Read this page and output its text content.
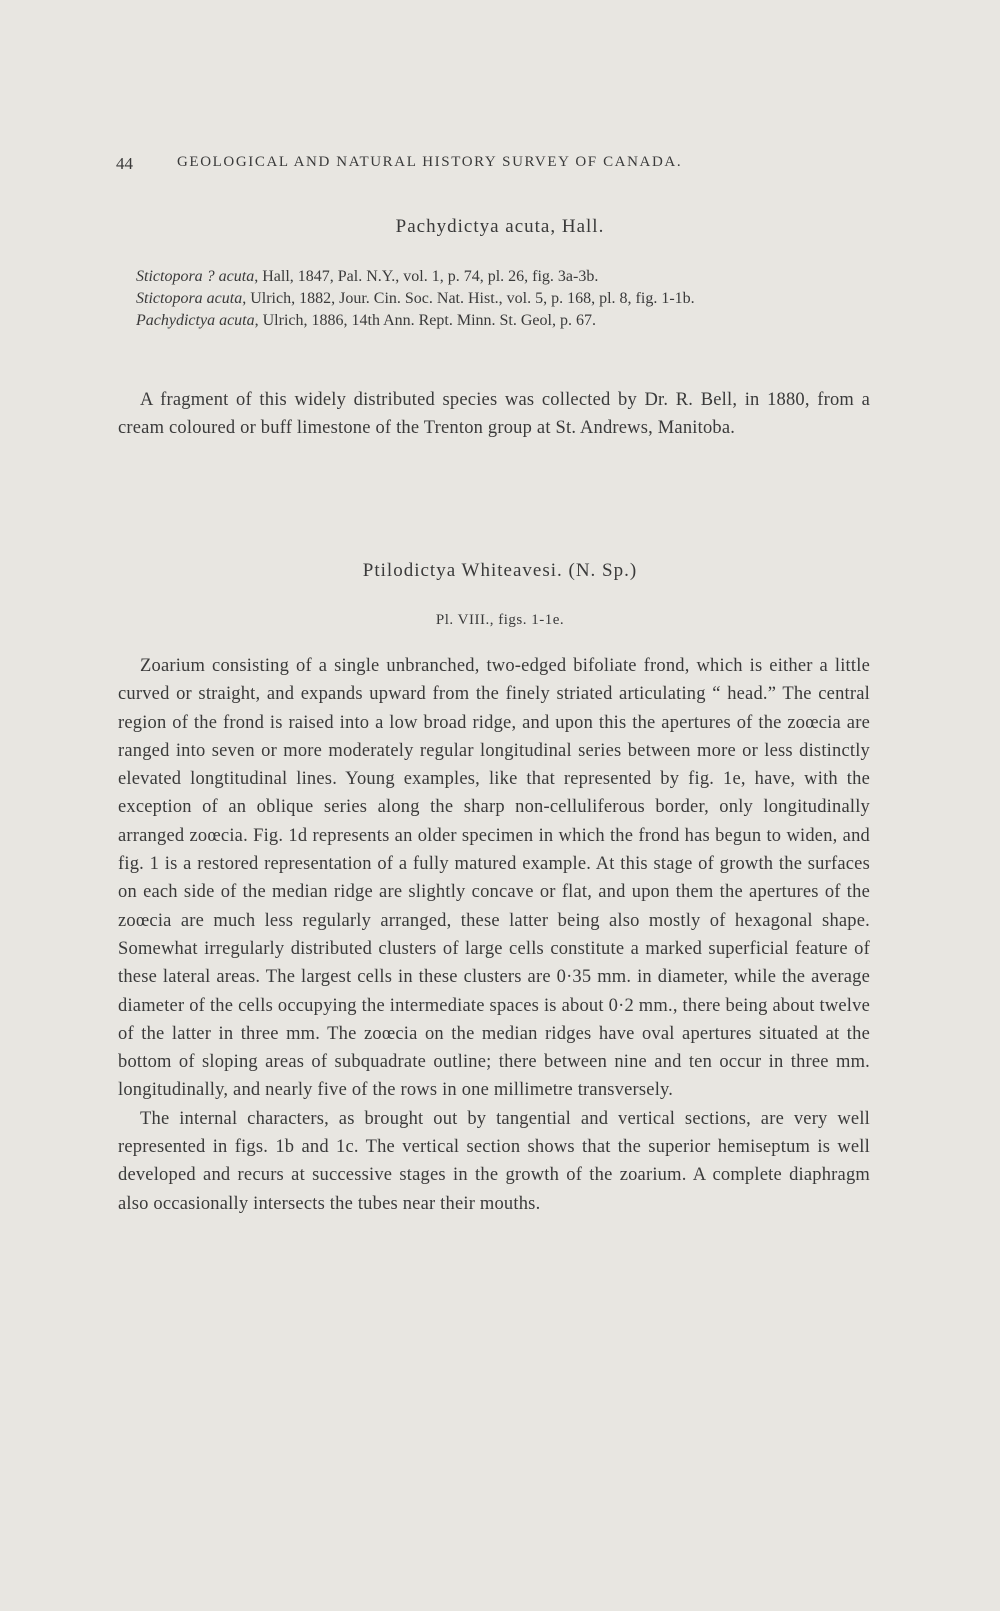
44	GEOLOGICAL AND NATURAL HISTORY SURVEY OF CANADA.
Pachydictya acuta, Hall.

Stictopora ? acuta, Hall, 1847, Pal. N.Y., vol. 1, p. 74, pl. 26, fig. 3a-3b.

Stictopora acuta, Ulrich, 1882, Jour. Cin. Soc. Nat. Hist., vol. 5, p. 168, pl. 8, fig. 1-1b.

Pachydictya acuta, Ulrich, 1886, 14th Ann. Rept. Minn. St. Geol, p. 67.

A fragment of this widely distributed species was collected by Dr. R. Bell, in 1880, from a cream coloured or buff limestone of the Trenton group at St. Andrews, Manitoba.

Ptilodictya Whiteavesi. (N. Sp.)
Pl. VIII., figs. 1-1e.

Zoarium consisting of a single unbranched, two-edged bifoliate frond, which is either a little curved or straight, and expands upward from the finely striated articulating “ head.” The central region of the frond is raised into a low broad ridge, and upon this the apertures of the zoœcia are ranged into seven or more moderately regular longitudinal series between more or less distinctly elevated longtitudinal lines. Young examples, like that represented by fig. 1e, have, with the exception of an oblique series along the sharp non-celluliferous border, only longitudinally arranged zoœcia. Fig. 1d represents an older specimen in which the frond has begun to widen, and fig. 1 is a restored representation of a fully matured example. At this stage of growth the surfaces on each side of the median ridge are slightly concave or flat, and upon them the apertures of the zoœcia are much less regularly arranged, these latter being also mostly of hexagonal shape. Somewhat irregularly distributed clusters of large cells constitute a marked superficial feature of these lateral areas. The largest cells in these clusters are 0·35 mm. in diameter, while the average diameter of the cells occupying the intermediate spaces is about 0·2 mm., there being about twelve of the latter in three mm. The zoœcia on the median ridges have oval apertures situated at the bottom of sloping areas of subquadrate outline; there between nine and ten occur in three mm. longitudinally, and nearly five of the rows in one millimetre transversely.

The internal characters, as brought out by tangential and vertical sections, are very well represented in figs. 1b and 1c. The vertical section shows that the superior hemiseptum is well developed and recurs at successive stages in the growth of the zoarium. A complete diaphragm also occasionally intersects the tubes near their mouths.
